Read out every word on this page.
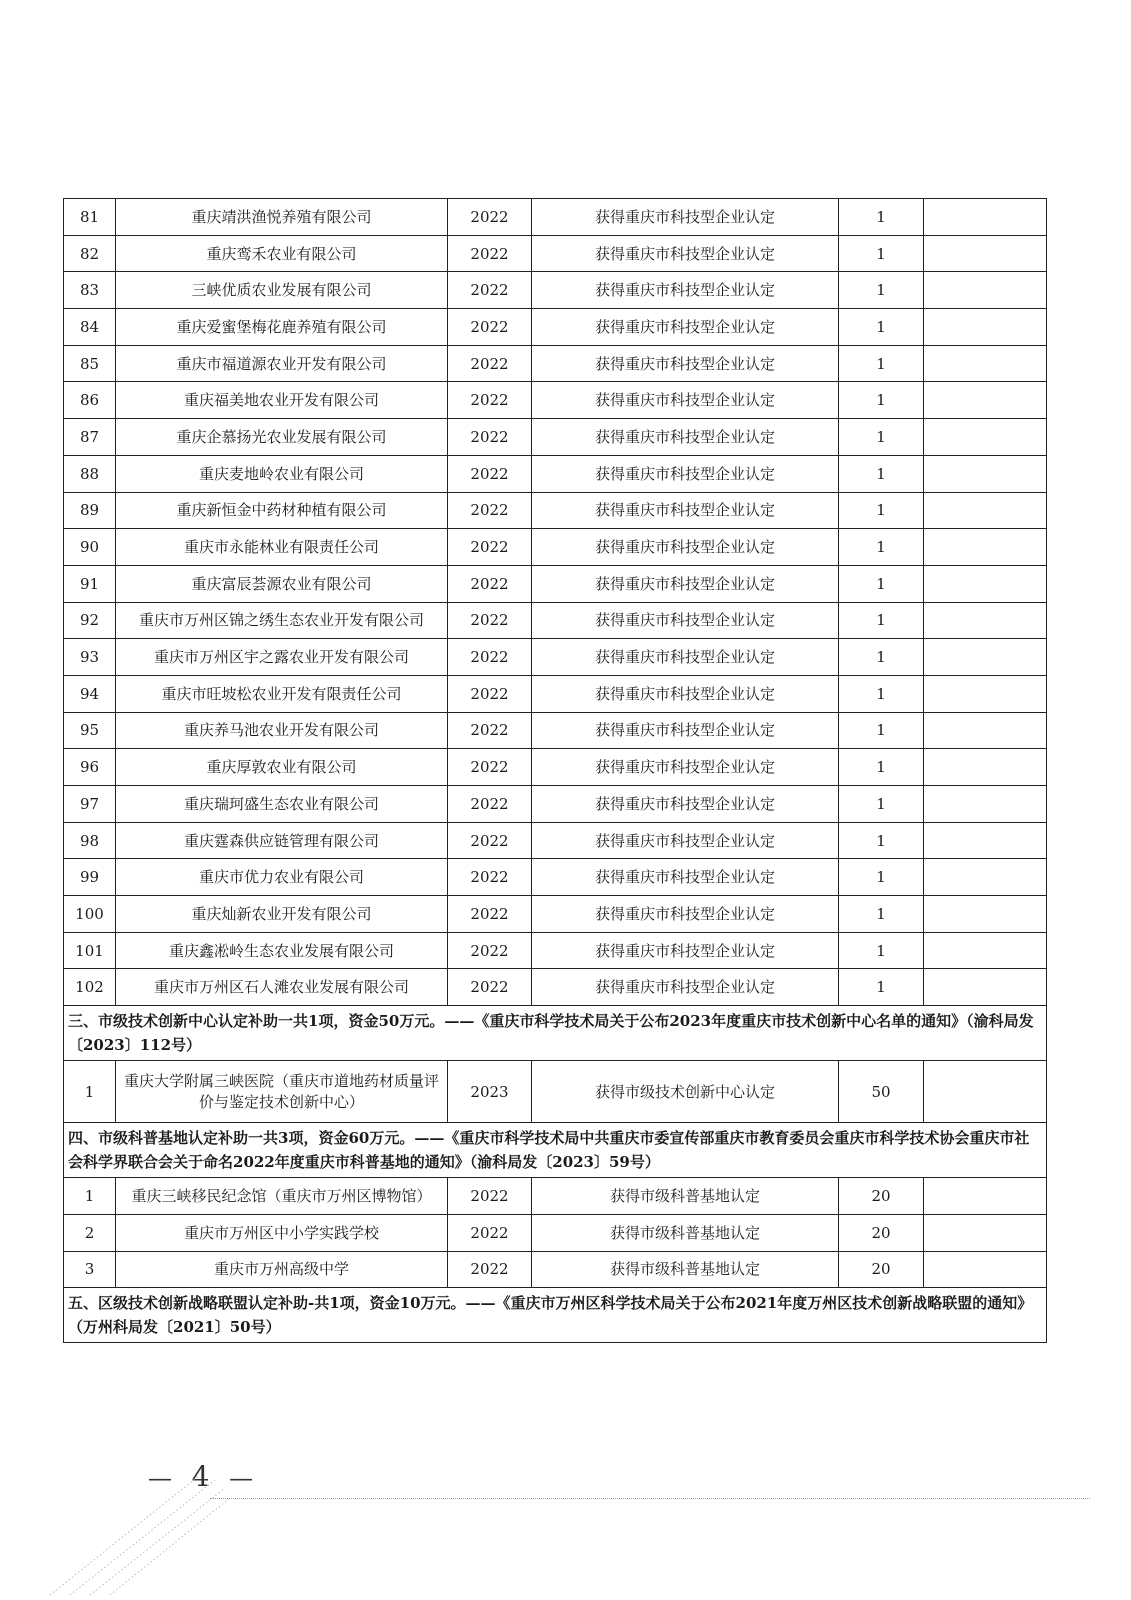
81	重庆靖洪渔悦养殖有限公司	2022	获得重庆市科技型企业认定	1	
82	重庆鸾禾农业有限公司	2022	获得重庆市科技型企业认定	1	
83	三峡优质农业发展有限公司	2022	获得重庆市科技型企业认定	1	
84	重庆爱蜜堡梅花鹿养殖有限公司	2022	获得重庆市科技型企业认定	1	
85	重庆市福道源农业开发有限公司	2022	获得重庆市科技型企业认定	1	
86	重庆福美地农业开发有限公司	2022	获得重庆市科技型企业认定	1	
87	重庆企慕扬光农业发展有限公司	2022	获得重庆市科技型企业认定	1	
88	重庆麦地岭农业有限公司	2022	获得重庆市科技型企业认定	1	
89	重庆新恒金中药材种植有限公司	2022	获得重庆市科技型企业认定	1	
90	重庆市永能林业有限责任公司	2022	获得重庆市科技型企业认定	1	
91	重庆富辰荟源农业有限公司	2022	获得重庆市科技型企业认定	1	
92	重庆市万州区锦之绣生态农业开发有限公司	2022	获得重庆市科技型企业认定	1	
93	重庆市万州区宇之露农业开发有限公司	2022	获得重庆市科技型企业认定	1	
94	重庆市旺坡松农业开发有限责任公司	2022	获得重庆市科技型企业认定	1	
95	重庆养马池农业开发有限公司	2022	获得重庆市科技型企业认定	1	
96	重庆厚敦农业有限公司	2022	获得重庆市科技型企业认定	1	
97	重庆瑞珂盛生态农业有限公司	2022	获得重庆市科技型企业认定	1	
98	重庆霆森供应链管理有限公司	2022	获得重庆市科技型企业认定	1	
99	重庆市优力农业有限公司	2022	获得重庆市科技型企业认定	1	
100	重庆灿新农业开发有限公司	2022	获得重庆市科技型企业认定	1	
101	重庆鑫凇岭生态农业发展有限公司	2022	获得重庆市科技型企业认定	1	
102	重庆市万州区石人滩农业发展有限公司	2022	获得重庆市科技型企业认定	1	
三、市级技术创新中心认定补助一共1项，资金50万元。——《重庆市科学技术局关于公布2023年度重庆市技术创新中心名单的通知》（渝科局发〔2023〕112号）					
1	重庆大学附属三峡医院（重庆市道地药材质量评价与鉴定技术创新中心）	2023	获得市级技术创新中心认定	50	
四、市级科普基地认定补助一共3项，资金60万元。——《重庆市科学技术局中共重庆市委宣传部重庆市教育委员会重庆市科学技术协会重庆市社会科学界联合会关于命名2022年度重庆市科普基地的通知》（渝科局发〔2023〕59号）					
1	重庆三峡移民纪念馆（重庆市万州区博物馆）	2022	获得市级科普基地认定	20	
2	重庆市万州区中小学实践学校	2022	获得市级科普基地认定	20	
3	重庆市万州高级中学	2022	获得市级科普基地认定	20	
五、区级技术创新战略联盟认定补助-共1项，资金10万元。——《重庆市万州区科学技术局关于公布2021年度万州区技术创新战略联盟的通知》（万州科局发〔2021〕50号）					
— 4 —
